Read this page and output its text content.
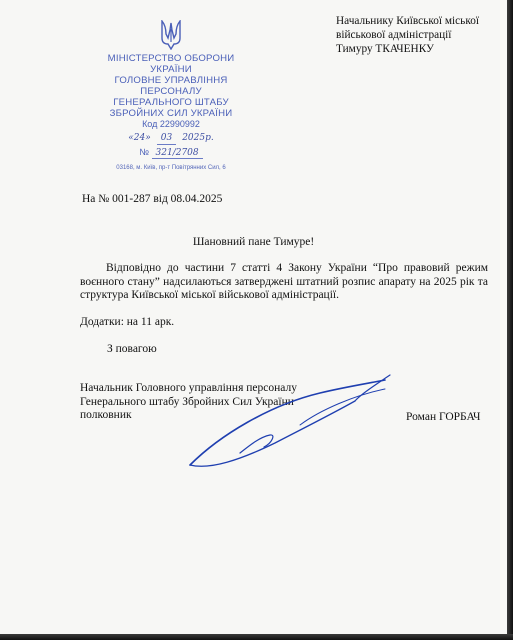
МІНІСТЕРСТВО ОБОРОНИ
УКРАЇНИ
ГОЛОВНЕ УПРАВЛІННЯ
ПЕРСОНАЛУ
ГЕНЕРАЛЬНОГО ШТАБУ
ЗБРОЙНИХ СИЛ УКРАЇНИ
Код 22990992
«24»	03	2025р.
№ 321/2708
03168, м. Київ, пр-т Повітрянних Сил, 6
Начальнику Київської міської
військової адміністрації
Тимуру ТКАЧЕНКУ
На № 001-287 від 08.04.2025
Шановний пане Тимуре!

Відповідно до частини 7 статті 4 Закону України “Про правовий режим воєнного стану” надсилаються затверджені штатний розпис апарату на 2025 рік та структура Київської міської військової адміністрації.

Додатки: на 11 арк.
З повагою
Начальник Головного управління персоналу
Генерального штабу Збройних Сил України
полковник	Роман ГОРБАЧ
